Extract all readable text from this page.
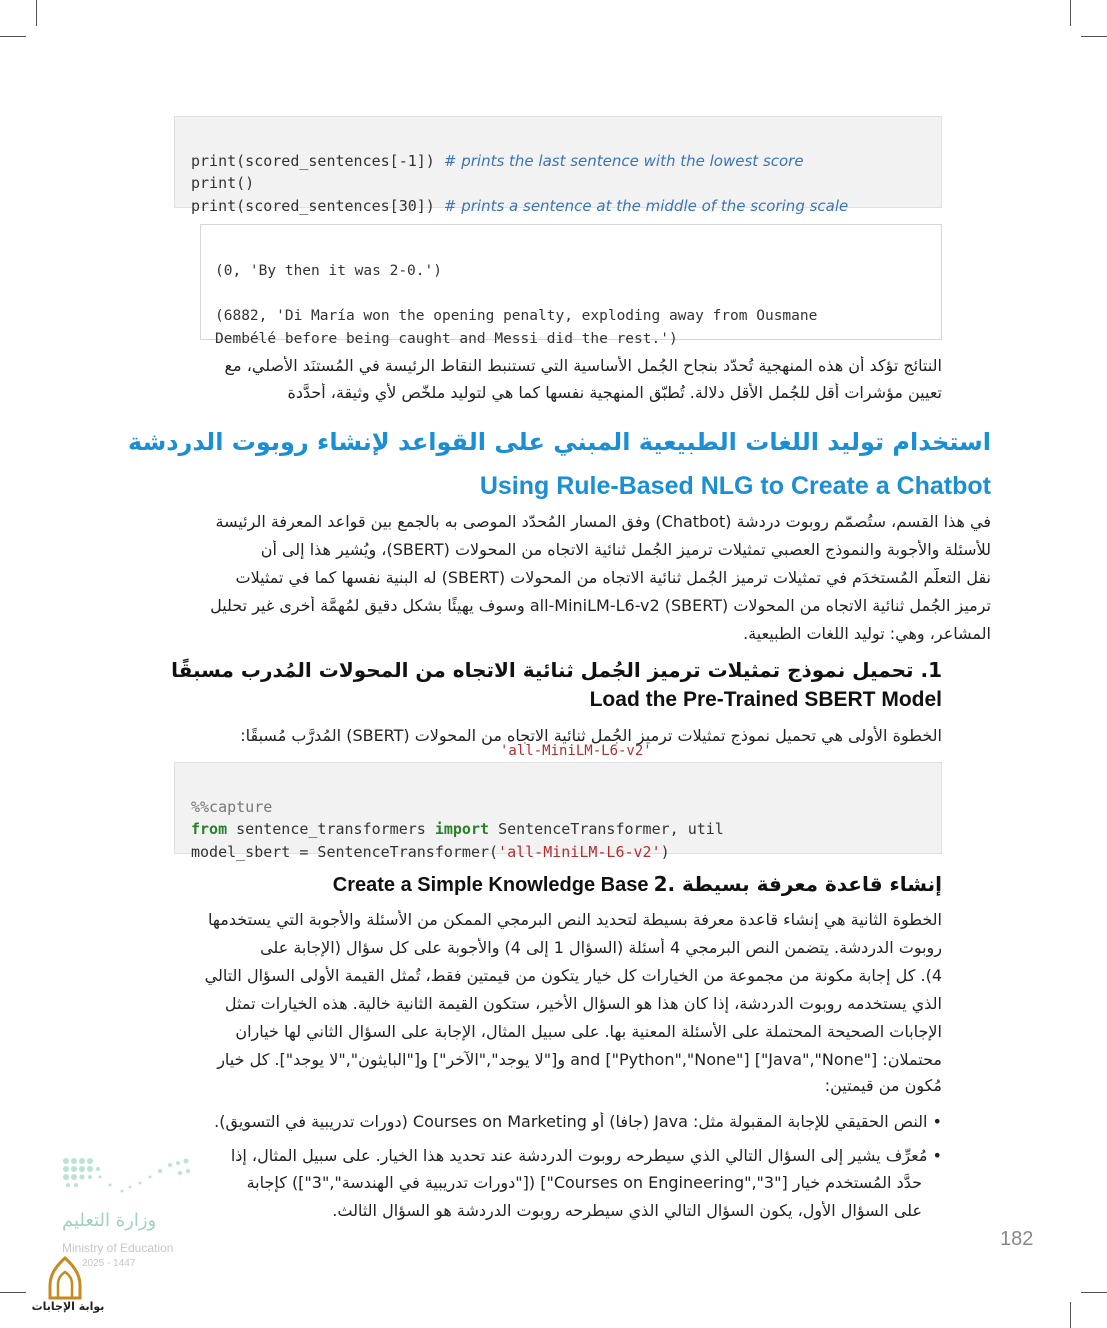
print(scored_sentences[-1]) # prints the last sentence with the lowest score
print()
print(scored_sentences[30]) # prints a sentence at the middle of the scoring scale

(0, 'By then it was 2-0.')
(6882, 'Di María won the opening penalty, exploding away from Ousmane
Dembélé before being caught and Messi did the rest.')
النتائج تؤكد أن هذه المنهجية تُحدّد بنجاح الجُمل الأساسية التي تستنبط النقاط الرئيسة في المُستنَد الأصلي، مع
تعيين مؤشرات أقل للجُمل الأقل دلالة. تُطبّق المنهجية نفسها كما هي لتوليد ملخّص لأي وثيقة، أُحدَّدة
استخدام توليد اللغات الطبيعية المبني على القواعد لإنشاء روبوت الدردشة
Using Rule-Based NLG to Create a Chatbot
في هذا القسم، ستُصمّم روبوت دردشة (Chatbot) وفق المسار المُحدّد الموصى به بالجمع بين قواعد المعرفة الرئيسة
للأسئلة والأجوبة والنموذج العصبي تمثيلات ترميز الجُمل ثنائية الاتجاه من المحولات (SBERT)، ويُشير هذا إلى أن
نقل التعلّم المُستخدَم في تمثيلات ترميز الجُمل ثنائية الاتجاه من المحولات (SBERT) له البنية نفسها كما في تمثيلات
ترميز الجُمل ثنائية الاتجاه من المحولات all-MiniLM-L6-v2 (SBERT) وسوف يهيئًا بشكل دقيق لمُهمَّة أخرى غير تحليل
المشاعر، وهي: توليد اللغات الطبيعية.
1. تحميل نموذج تمثيلات ترميز الجُمل ثنائية الاتجاه من المحولات المُدرب مسبقًا
Load the Pre-Trained SBERT Model
الخطوة الأولى هي تحميل نموذج تمثيلات ترميز الجُمل ثنائية الاتجاه من المحولات (SBERT) المُدرَّب مُسبقًا:
'all-MiniLM-L6-v2'

%%capture
from sentence_transformers import SentenceTransformer, util
model_sbert = SentenceTransformer('all-MiniLM-L6-v2')
Create a Simple Knowledge Base 2. إنشاء قاعدة معرفة بسيطة
الخطوة الثانية هي إنشاء قاعدة معرفة بسيطة لتحديد النص البرمجي الممكن من الأسئلة والأجوبة التي يستخدمها
روبوت الدردشة. يتضمن النص البرمجي 4 أسئلة (السؤال 1 إلى 4) والأجوبة على كل سؤال (الإجابة على
4). كل إجابة مكونة من مجموعة من الخيارات كل خيار يتكون من قيمتين فقط، تُمثل القيمة الأولى السؤال التالي
الذي يستخدمه روبوت الدردشة، إذا كان هذا هو السؤال الأخير، ستكون القيمة الثانية خالية. هذه الخيارات تمثل
الإجابات الصحيحة المحتملة على الأسئلة المعنية بها. على سبيل المثال، الإجابة على السؤال الثاني لها خياران
محتملان: ["Java","None"] and ["Python","None"] و["لا يوجد","الآخر"] و["البايثون","لا يوجد"]. كل خيار
مُكون من قيمتين:
• النص الحقيقي للإجابة المقبولة مثل: Java (جافا) أو Courses on Marketing (دورات تدريبية في التسويق).
• مُعرِّف يشير إلى السؤال التالي الذي سيطرحه روبوت الدردشة عند تحديد هذا الخيار. على سبيل المثال، إذا
حدَّد المُستخدم خيار ["Courses on Engineering","3"] (["دورات تدريبية في الهندسة","3"]) كإجابة
على السؤال الأول، يكون السؤال التالي الذي سيطرحه روبوت الدردشة هو السؤال الثالث.
وزارة التعليم
Ministry of Education
2025 - 1447
بوابة الإجابات
182
